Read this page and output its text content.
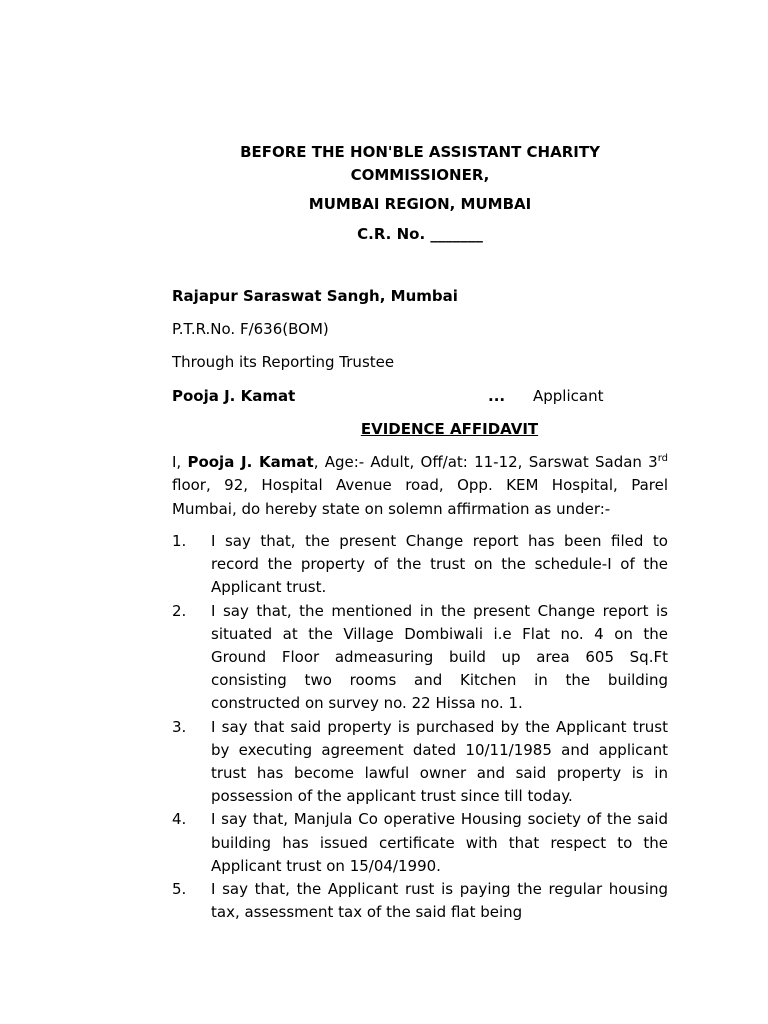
BEFORE THE HON'BLE ASSISTANT CHARITY COMMISSIONER,
MUMBAI REGION, MUMBAI
C.R. No. _______
Rajapur Saraswat Sangh, Mumbai
P.T.R.No. F/636(BOM)
Through its Reporting Trustee
Pooja J. Kamat	... Applicant
EVIDENCE AFFIDAVIT
I, Pooja J. Kamat, Age:- Adult, Off/at: 11-12, Sarswat Sadan 3rd floor, 92, Hospital Avenue road, Opp. KEM Hospital, Parel Mumbai, do hereby state on solemn affirmation as under:-
1.	I say that, the present Change report has been filed to record the property of the trust on the schedule-I of the Applicant trust.
2.	I say that, the mentioned in the present Change report is situated at the Village Dombiwali i.e Flat no. 4 on the Ground Floor admeasuring build up area 605 Sq.Ft consisting two rooms and Kitchen in the building constructed on survey no. 22 Hissa no. 1.
3.	I say that said property is purchased by the Applicant trust by executing agreement dated 10/11/1985 and applicant trust has become lawful owner and said property is in possession of the applicant trust since till today.
4.	I say that, Manjula Co operative Housing society of the said building has issued certificate with that respect to the Applicant trust on 15/04/1990.
5.	I say that, the Applicant rust is paying the regular housing tax, assessment tax of the said flat being
